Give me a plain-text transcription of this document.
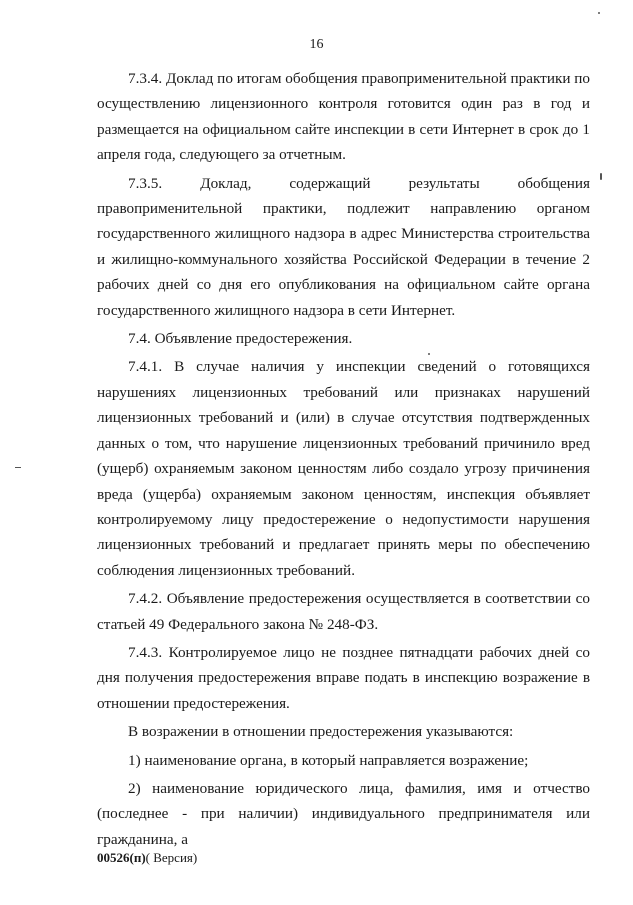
16

7.3.4. Доклад по итогам обобщения правоприменительной практики по осуществлению лицензионного контроля готовится один раз в год и размещается на официальном сайте инспекции в сети Интернет в срок до 1 апреля года, следующего за отчетным.

7.3.5. Доклад, содержащий результаты обобщения правоприменительной практики, подлежит направлению органом государственного жилищного надзора в адрес Министерства строительства и жилищно-коммунального хозяйства Российской Федерации в течение 2 рабочих дней со дня его опубликования на официальном сайте органа государственного жилищного надзора в сети Интернет.

7.4. Объявление предостережения.

7.4.1. В случае наличия у инспекции сведений о готовящихся нарушениях лицензионных требований или признаках нарушений лицензионных требований и (или) в случае отсутствия подтвержденных данных о том, что нарушение лицензионных требований причинило вред (ущерб) охраняемым законом ценностям либо создало угрозу причинения вреда (ущерба) охраняемым законом ценностям, инспекция объявляет контролируемому лицу предостережение о недопустимости нарушения лицензионных требований и предлагает принять меры по обеспечению соблюдения лицензионных требований.

7.4.2. Объявление предостережения осуществляется в соответствии со статьей 49 Федерального закона № 248-ФЗ.

7.4.3. Контролируемое лицо не позднее пятнадцати рабочих дней со дня получения предостережения вправе подать в инспекцию возражение в отношении предостережения.

В возражении в отношении предостережения указываются:

1) наименование органа, в который направляется возражение;

2) наименование юридического лица, фамилия, имя и отчество (последнее - при наличии) индивидуального предпринимателя или гражданина, а

00526(п)( Версия)
